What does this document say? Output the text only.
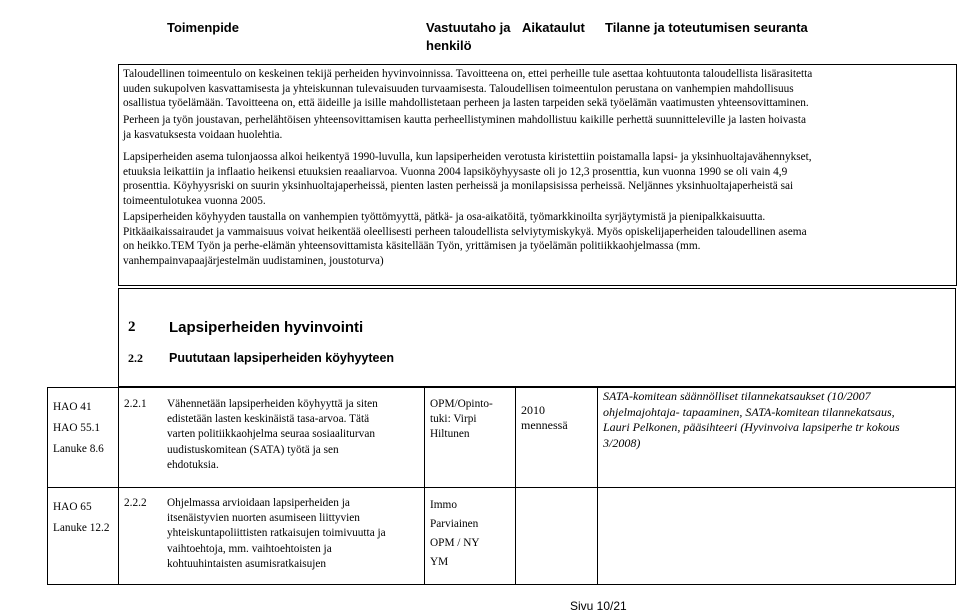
Toimenpide	Vastuutaho ja
henkilö
Aikataulut Tilanne ja toteutumisen seuranta
Taloudellinen toimeentulo on keskeinen tekijä perheiden hyvinvoinnissa. Tavoitteena on, ettei perheille tule asettaa kohtuutonta taloudellista lisärasitetta
uuden sukupolven kasvattamisesta ja yhteiskunnan tulevaisuuden turvaamisesta. Taloudellisen toimeentulon perustana on vanhempien mahdollisuus
osallistua työelämään. Tavoitteena on, että äideille ja isille mahdollistetaan perheen ja lasten tarpeiden sekä työelämän vaatimusten yhteensovittaminen.
Perheen ja työn joustavan, perhelähtöisen yhteensovittamisen kautta perheellistyminen mahdollistuu kaikille perhettä suunnitteleville ja lasten hoivasta
ja kasvatuksesta voidaan huolehtia.
Lapsiperheiden asema tulonjaossa alkoi heikentyä 1990-luvulla, kun lapsiperheiden verotusta kiristettiin poistamalla lapsi- ja yksinhuoltajavähennykset,
etuuksia leikattiin ja inflaatio heikensi etuuksien reaaliarvoa. Vuonna 2004 lapsiköyhyysaste oli jo 12,3 prosenttia, kun vuonna 1990 se oli vain 4,9
prosenttia. Köyhyysriski on suurin yksinhuoltajaperheissä, pienten lasten perheissä ja monilapsisissa perheissä. Neljännes yksinhuoltajaperheistä sai
toimeentulotukea vuonna 2005.
Lapsiperheiden köyhyyden taustalla on vanhempien työttömyyttä, pätkä- ja osa-aikatöitä, työmarkkinoilta syrjäytymistä ja pienipalkkaisuutta.
Pitkäaikaissairaudet ja vammaisuus voivat heikentää oleellisesti perheen taloudellista selviytymiskykyä. Myös opiskelijaperheiden taloudellinen asema
on heikko.TEM Työn ja perhe-elämän yhteensovittamista käsitellään Työn, yrittämisen ja työelämän politiikkaohjelmassa (mm.
vanhempainvapaajärjestelmän uudistaminen, joustoturva)
2 Lapsiperheiden hyvinvointi
2.2 Puututaan lapsiperheiden köyhyyteen
HAO 41
HAO 55.1
Lanuke 8.6
2.2.1 Vähennetään lapsiperheiden köyhyyttä ja siten
edistetään lasten keskinäistä tasa-arvoa. Tätä
varten politiikkaohjelma seuraa sosiaaliturvan
uudistuskomitean (SATA) työtä ja sen
ehdotuksia.
OPM/Opinto-
tuki: Virpi
Hiltunen
2010
mennessä
SATA-komitean säännölliset tilannekatsaukset (10/2007
ohjelmajohtaja- tapaaminen, SATA-komitean tilannekatsaus,
Lauri Pelkonen, pääsihteeri (Hyvinvoiva lapsiperhe tr kokous
3/2008)
HAO 65
Lanuke 12.2
2.2.2 Ohjelmassa arvioidaan lapsiperheiden ja
itsenäistyvien nuorten asumiseen liittyvien
yhteiskuntapoliittisten ratkaisujen toimivuutta ja
vaihtoehtoja, mm. vaihtoehtoisten ja
kohtuuhintaisten asumisratkaisujen
Immo
Parviainen
OPM / NY
YM
Sivu 10/21
